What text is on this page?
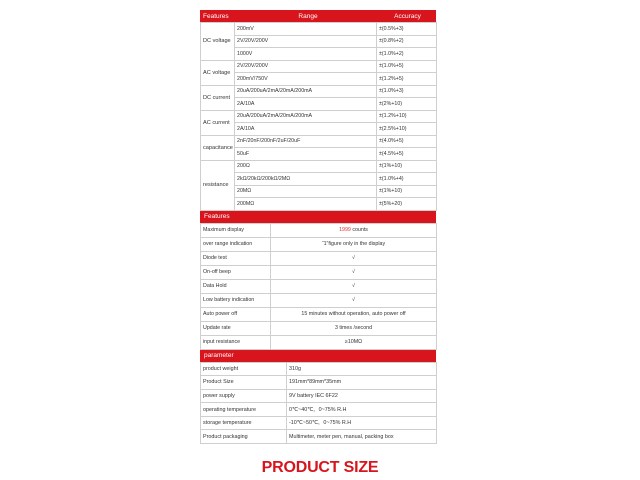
Features	Range	Accuracy
DC voltage	200mV	±(0.5%+3)
	2V/20V/200V	±(0.8%+2)
	1000V	±(1.0%+2)
AC voltage	2V/20V/200V	±(1.0%+5)
	200mV/750V	±(1.2%+5)
DC current	20uA/200uA/2mA/20mA/200mA	±(1.0%+3)
	2A/10A	±(2%+10)
AC current	20uA/200uA/2mA/20mA/200mA	±(1.2%+10)
	2A/10A	±(2.5%+10)
capacitance	2nF/20nF/200nF/2uF/20uF	±(4.0%+5)
	50uF	±(4.5%+5)
resistance	200Ω	±(1%+10)
	2kΩ/20kΩ/200kΩ/2MΩ	±(1.0%+4)
	20MΩ	±(1%+10)
	200MΩ	±(5%+20)
Features
Maximum display	1999 counts
over range indication	“1”figure only in the display
Diode test	√
On-off beep	√
Data Hold	√
Low battery indication	√
Auto power off	15 minutes without operation, auto power off
Update rate	3 times /second
input resistance	≥10MΩ
parameter
product weight	310g
Product Size	191mm*89mm*35mm
power supply	9V battery IEC 6F22
operating temperature	0℃~40℃，0~75% R.H
storage temperature	-10℃~50℃，0~75% R.H
Product packaging	Multimeter, meter pen, manual, packing box
PRODUCT SIZE
